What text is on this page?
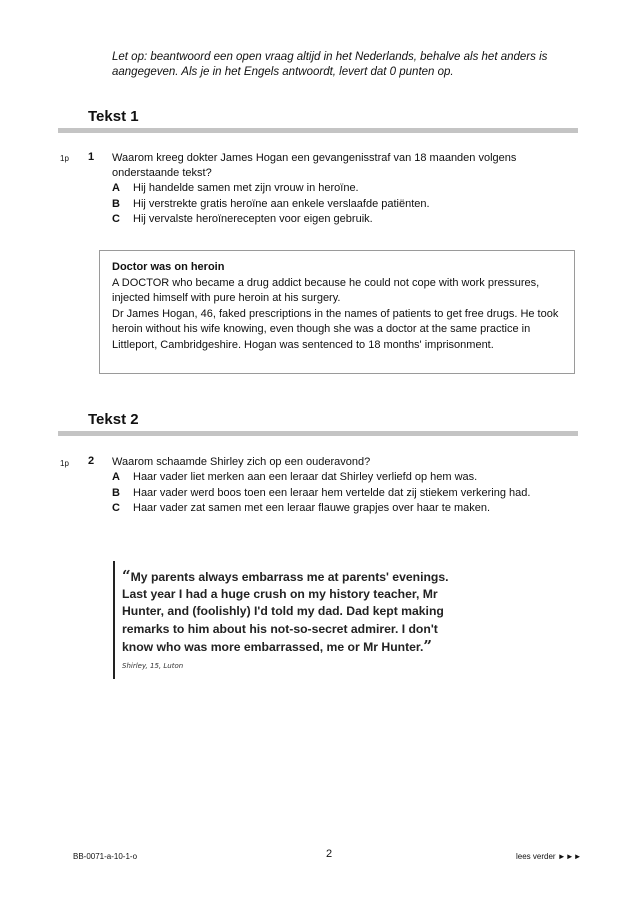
Let op: beantwoord een open vraag altijd in het Nederlands, behalve als het anders is aangegeven. Als je in het Engels antwoordt, levert dat 0 punten op.
Tekst 1
1p 1 Waarom kreeg dokter James Hogan een gevangenisstraf van 18 maanden volgens onderstaande tekst?
A	Hij handelde samen met zijn vrouw in heroïne.
B	Hij verstrekte gratis heroïne aan enkele verslaafde patiënten.
C	Hij vervalste heroïnerecepten voor eigen gebruik.
Doctor was on heroin
A DOCTOR who became a drug addict because he could not cope with work pressures, injected himself with pure heroin at his surgery.
Dr James Hogan, 46, faked prescriptions in the names of patients to get free drugs. He took heroin without his wife knowing, even though she was a doctor at the same practice in Littleport, Cambridgeshire. Hogan was sentenced to 18 months' imprisonment.
Tekst 2
1p 2 Waarom schaamde Shirley zich op een ouderavond?
A	Haar vader liet merken aan een leraar dat Shirley verliefd op hem was.
B	Haar vader werd boos toen een leraar hem vertelde dat zij stiekem verkering had.
C	Haar vader zat samen met een leraar flauwe grapjes over haar te maken.
“My parents always embarrass me at parents' evenings. Last year I had a huge crush on my history teacher, Mr Hunter, and (foolishly) I'd told my dad. Dad kept making remarks to him about his not-so-secret admirer. I don't know who was more embarrassed, me or Mr Hunter.” Shirley, 15, Luton
BB-0071-a-10-1-o	2	lees verder ►►►
